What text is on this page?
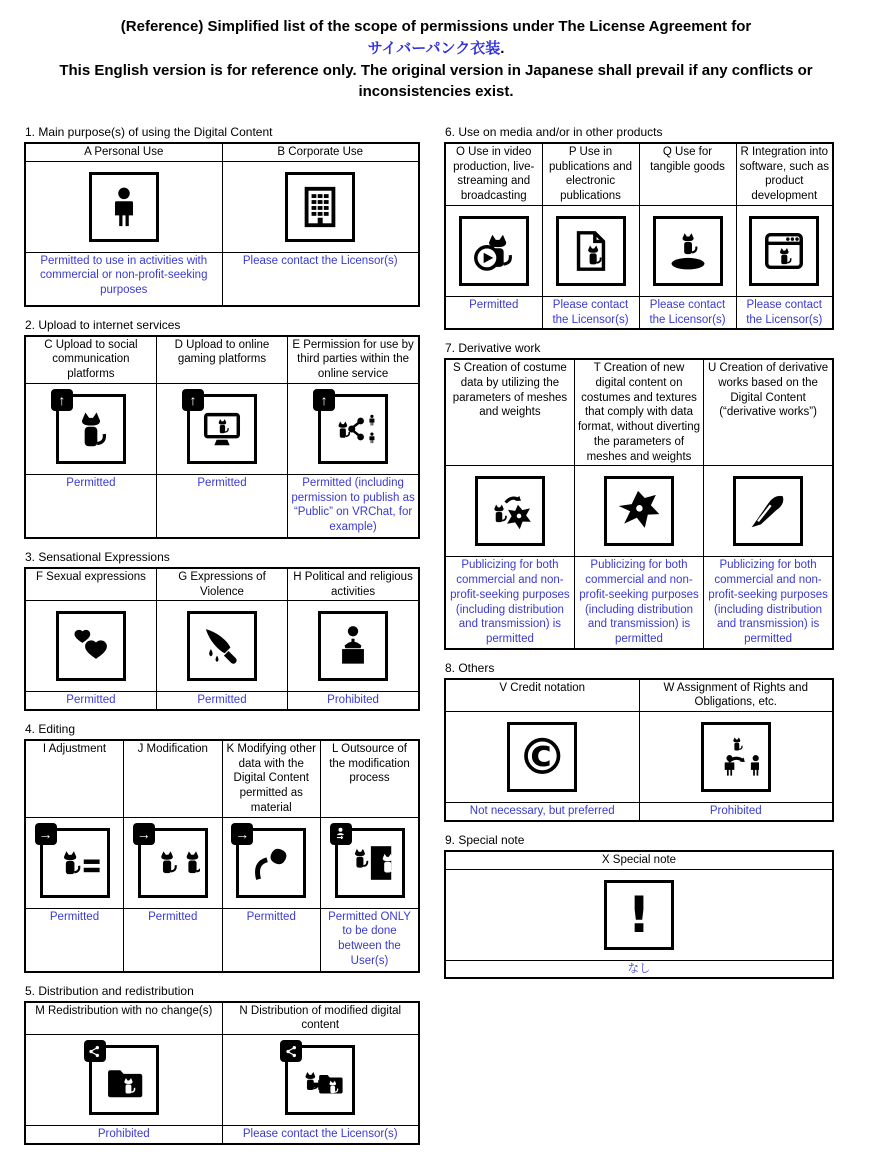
(Reference) Simplified list of the scope of permissions under The License Agreement for
サイバーパンク衣装.
This English version is for reference only. The original version in Japanese shall prevail if any conflicts or inconsistencies exist.
1. Main purpose(s) of using the Digital Content
A Personal Use	B Corporate Use

Permitted to use in activities with commercial or non-profit-seeking purposes	Please contact the Licensor(s)
2. Upload to internet services
C Upload to social communication platforms	D Upload to online gaming platforms	E Permission for use by third parties within the online service

↑	↑	↑

Permitted	Permitted	Permitted (including permission to publish as “Public” on VRChat, for example)
3. Sensational Expressions
F Sexual expressions	G Expressions of Violence	H Political and religious activities

Permitted	Permitted	Prohibited
4. Editing
I Adjustment	J Modification	K Modifying other data with the Digital Content permitted as material	L Outsource of the modification process

→	→	→

Permitted	Permitted	Permitted	Permitted ONLY to be done between the User(s)
5. Distribution and redistribution
M Redistribution with no change(s)	N Distribution of modified digital content

Prohibited	Please contact the Licensor(s)
6. Use on media and/or in other products
O Use in video production, live-streaming and broadcasting	P Use in publications and electronic publications	Q Use for tangible goods	R Integration into software, such as product development

Permitted	Please contact the Licensor(s)	Please contact the Licensor(s)	Please contact the Licensor(s)
7. Derivative work
S Creation of costume data by utilizing the parameters of meshes and weights	T Creation of new digital content on costumes and textures that comply with data format, without diverting the parameters of meshes and weights	U Creation of derivative works based on the Digital Content (“derivative works”)

Publicizing for both commercial and non-profit-seeking purposes (including distribution and transmission) is permitted	Publicizing for both commercial and non-profit-seeking purposes (including distribution and transmission) is permitted	Publicizing for both commercial and non-profit-seeking purposes (including distribution and transmission) is permitted
8. Others
V Credit notation	W Assignment of Rights and Obligations, etc.

©

Not necessary, but preferred	Prohibited
9. Special note
X Special note

!

なし
